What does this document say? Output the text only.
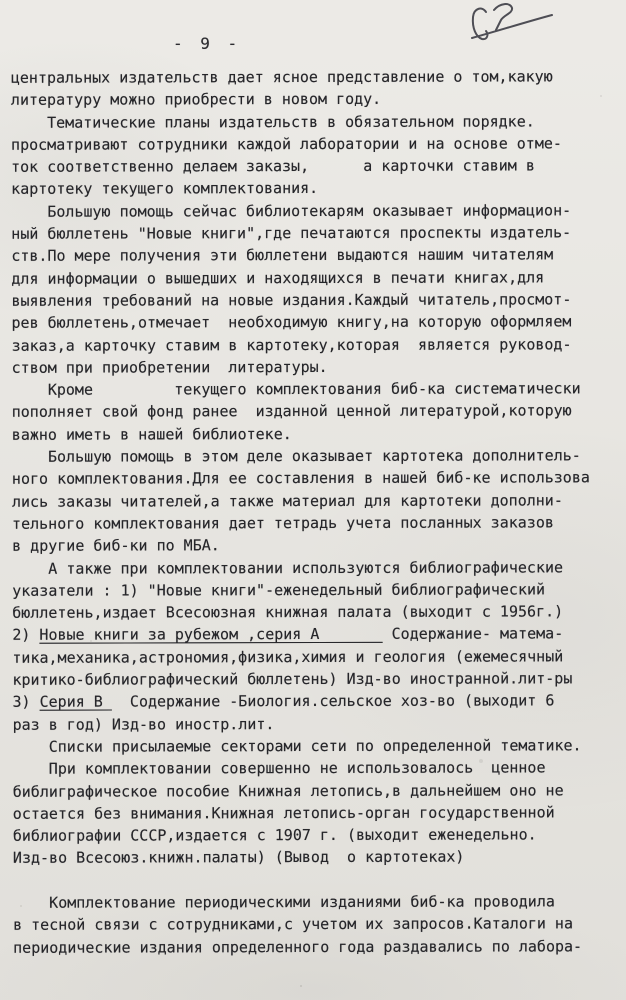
- 9 -
центральных издательств дает ясное представление о том,какую
литературу можно приобрести в новом году.
Тематические планы издательств в обязательном порядке.
просматривают сотрудники каждой лаборатории и на основе отме-
ток соответственно делаем заказы,      а карточки ставим в
картотеку текущего комплектования.
Большую помощь сейчас библиотекарям оказывает информацион-
ный бюллетень "Новые книги",где печатаются проспекты издатель-
ств.По мере получения эти бюллетени выдаются нашим читателям
для информации о вышедших и находящихся в печати книгах,для
выявления требований на новые издания.Каждый читатель,просмот-
рев бюллетень,отмечает  необходимую книгу,на которую оформляем
заказ,а карточку ставим в картотеку,которая  является руковод-
ством при приобретении  литературы.
Кроме         текущего комплектования биб-ка систематически
пополняет свой фонд ранее  изданной ценной литературой,которую
важно иметь в нашей библиотеке.
Большую помощь в этом деле оказывает картотека дополнитель-
ного комплектования.Для ее составления в нашей биб-ке использова
лись заказы читателей,а также материал для картотеки дополни-
тельного комплектования дает тетрадь учета посланных заказов
в другие биб-ки по МБА.
А также при комплектовании используются библиографические
указатели : 1) "Новые книги"-еженедельный библиографический
бюллетень,издает Всесоюзная книжная палата (выходит с 1956г.)
2) Новые книги за рубежом ,серия А	Содержание- матема-
тика,механика,астрономия,физика,химия и геология (ежемесячный
критико-библиографический бюллетень) Изд-во иностранной.лит-ры
3) Серия В   Содержание -Биология.сельское хоз-во (выходит 6
раз в год) Изд-во иностр.лит.
Списки присылаемые секторами сети по определенной тематике.
При комплектовании совершенно не использовалось  ценное
библиграфическое пособие Книжная летопись,в дальнейшем оно не
остается без внимания.Книжная летопись-орган государственной
библиографии СССР,издается с 1907 г. (выходит еженедельно.
Изд-во Всесоюз.книжн.палаты) (Вывод  о картотеках)

Комплектование периодическими изданиями биб-ка проводила
в тесной связи с сотрудниками,с учетом их запросов.Каталоги на
периодические издания определенного года раздавались по лабора-
